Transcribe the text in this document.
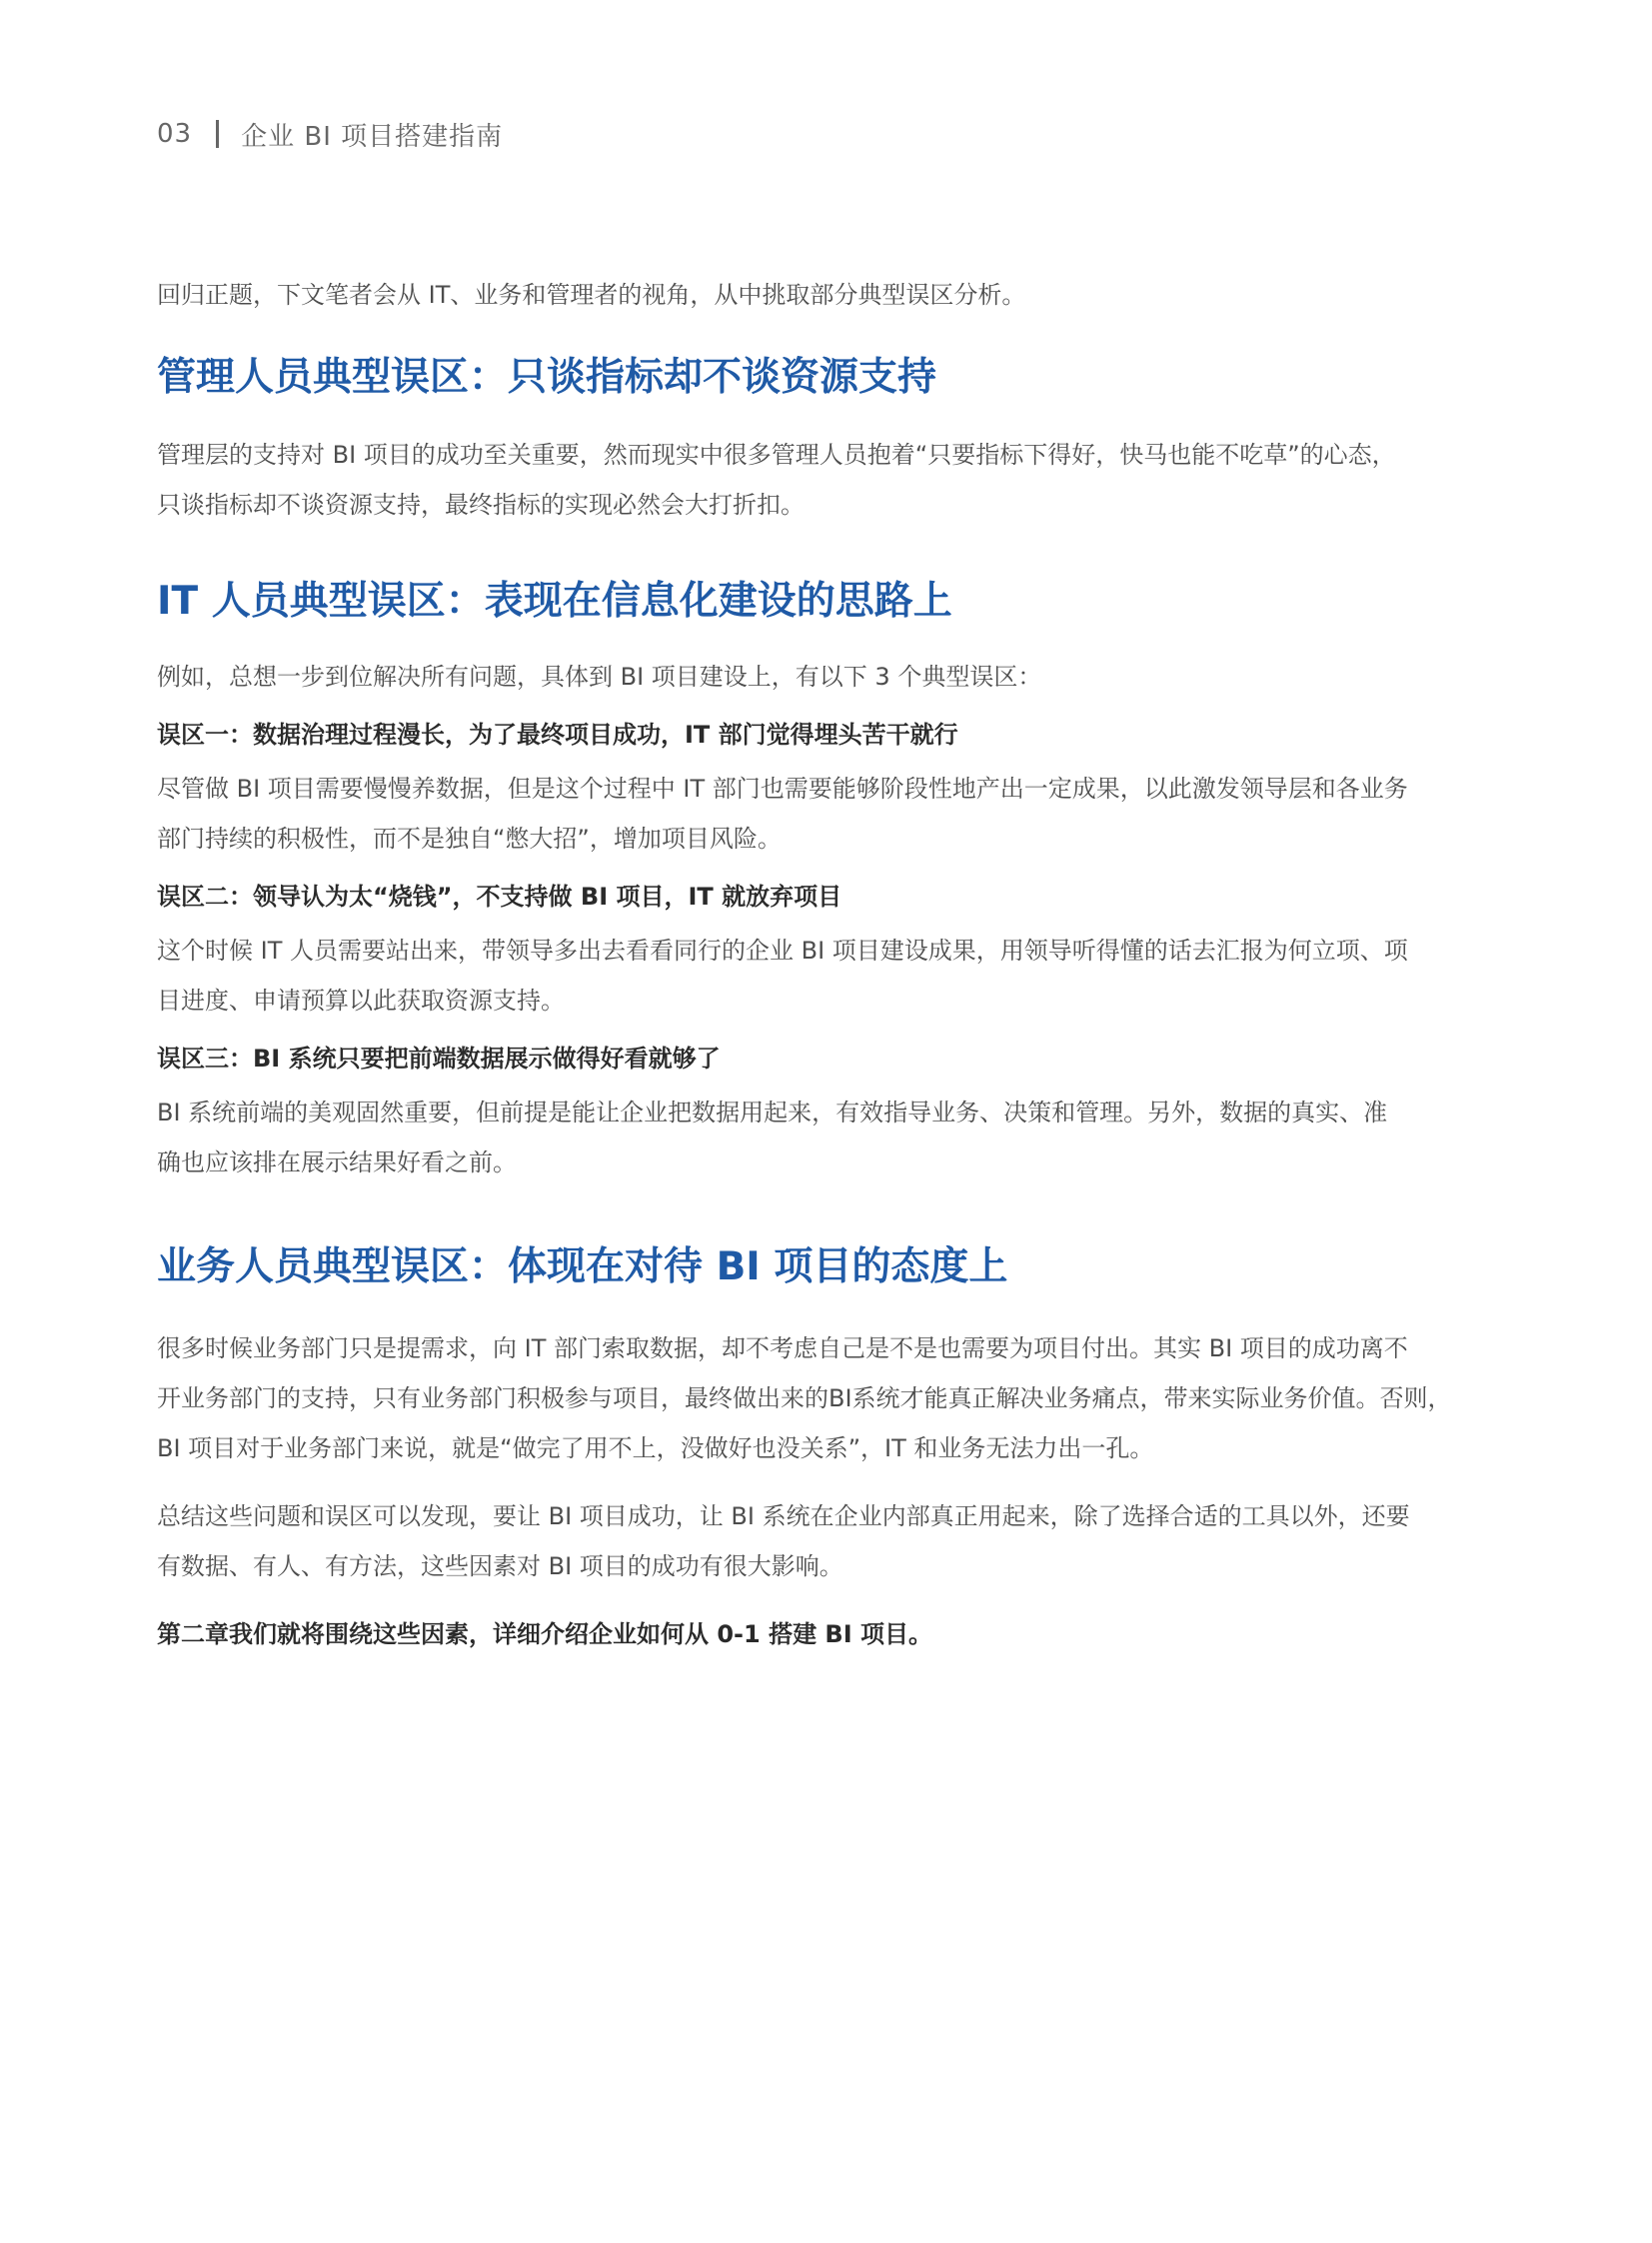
03 企业 BI 项目搭建指南

回归正题，下文笔者会从 IT、业务和管理者的视角，从中挑取部分典型误区分析。

管理人员典型误区：只谈指标却不谈资源支持

管理层的支持对 BI 项目的成功至关重要，然而现实中很多管理人员抱着“只要指标下得好，快马也能不吃草”的心态，

只谈指标却不谈资源支持，最终指标的实现必然会大打折扣。

IT 人员典型误区：表现在信息化建设的思路上

例如，总想一步到位解决所有问题，具体到 BI 项目建设上，有以下 3 个典型误区：

误区一：数据治理过程漫长，为了最终项目成功，IT 部门觉得埋头苦干就行

尽管做 BI 项目需要慢慢养数据，但是这个过程中 IT 部门也需要能够阶段性地产出一定成果，以此激发领导层和各业务

部门持续的积极性，而不是独自“憋大招”，增加项目风险。

误区二：领导认为太“烧钱”，不支持做 BI 项目，IT 就放弃项目

这个时候 IT 人员需要站出来，带领导多出去看看同行的企业 BI 项目建设成果，用领导听得懂的话去汇报为何立项、项

目进度、申请预算以此获取资源支持。

误区三：BI 系统只要把前端数据展示做得好看就够了

BI 系统前端的美观固然重要，但前提是能让企业把数据用起来，有效指导业务、决策和管理。另外，数据的真实、准

确也应该排在展示结果好看之前。

业务人员典型误区：体现在对待 BI 项目的态度上

很多时候业务部门只是提需求，向 IT 部门索取数据，却不考虑自己是不是也需要为项目付出。其实 BI 项目的成功离不

开业务部门的支持，只有业务部门积极参与项目，最终做出来的BI系统才能真正解决业务痛点，带来实际业务价值。否则，

BI 项目对于业务部门来说，就是“做完了用不上，没做好也没关系”，IT 和业务无法力出一孔。

总结这些问题和误区可以发现，要让 BI 项目成功，让 BI 系统在企业内部真正用起来，除了选择合适的工具以外，还要

有数据、有人、有方法，这些因素对 BI 项目的成功有很大影响。

第二章我们就将围绕这些因素，详细介绍企业如何从 0-1 搭建 BI 项目。
